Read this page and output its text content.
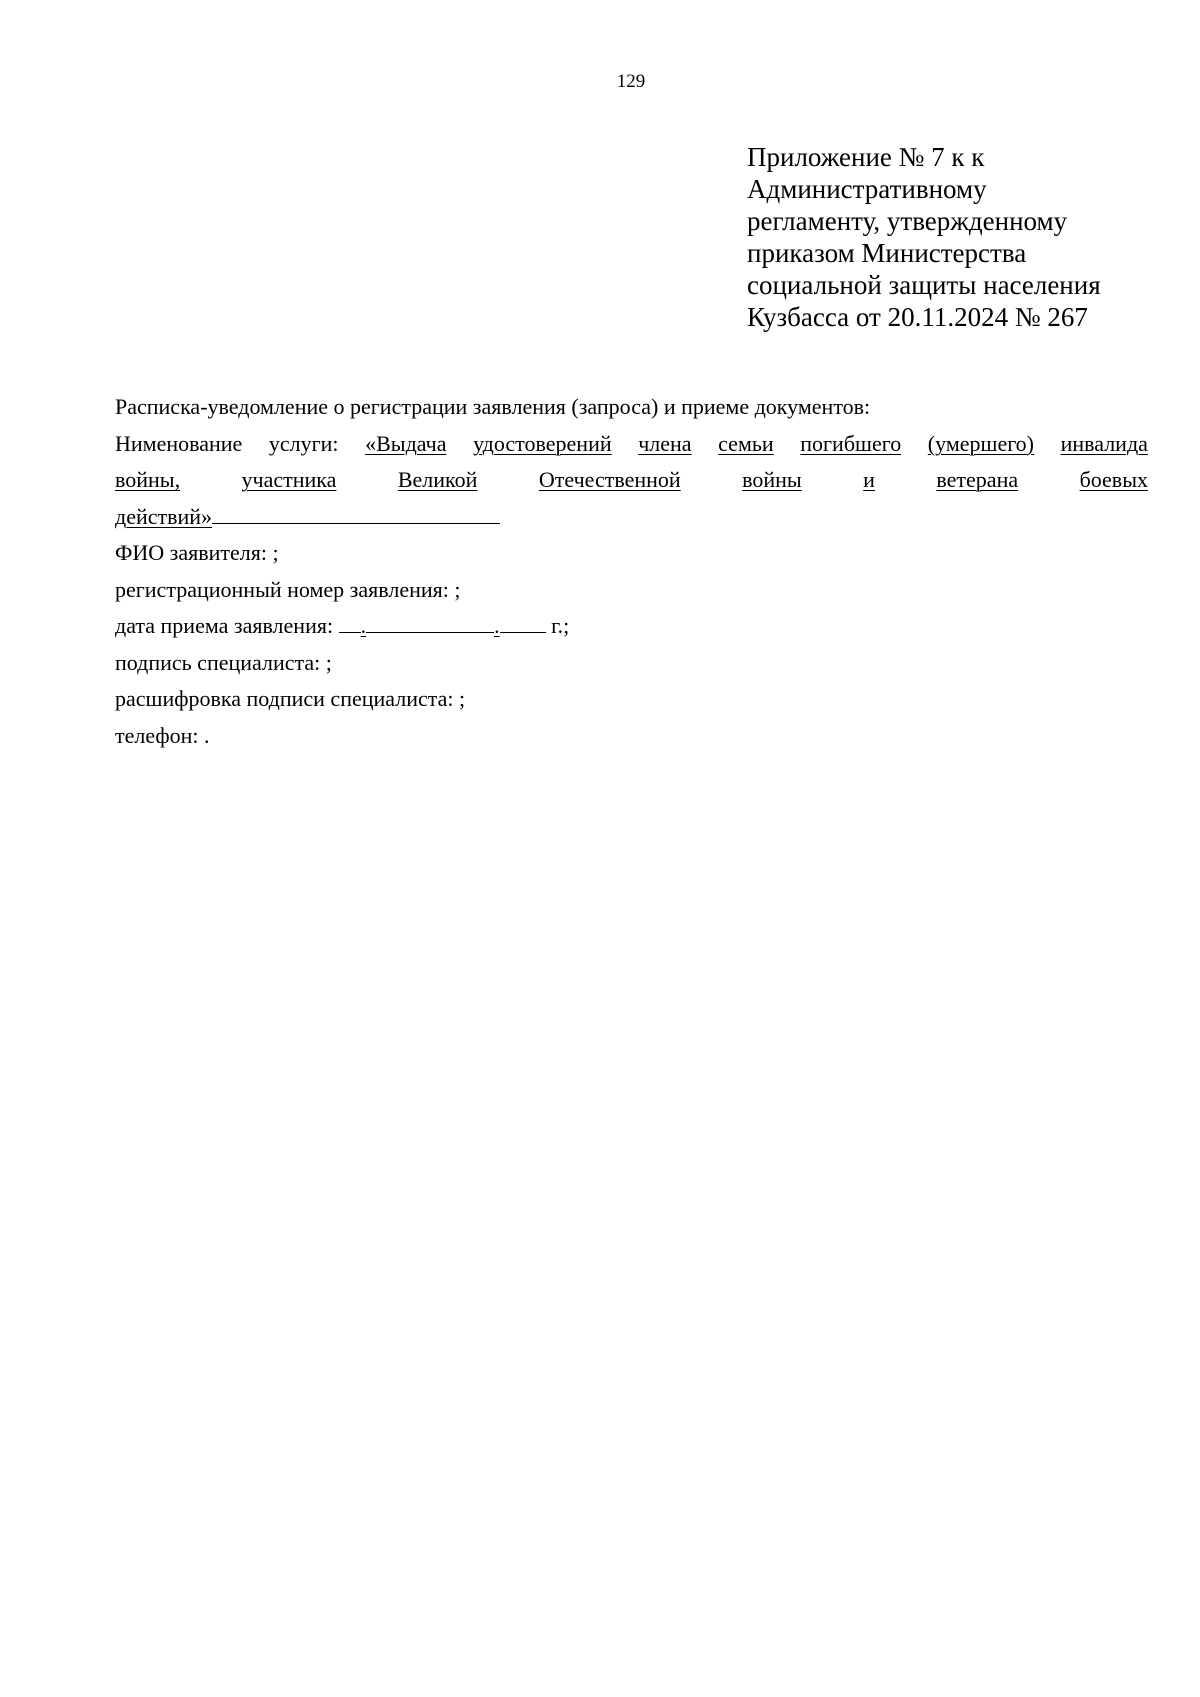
129
Приложение № 7 к к
Административному
регламенту, утвержденному
приказом Министерства
социальной защиты населения
Кузбасса от 20.11.2024 № 267
Расписка-уведомление о регистрации заявления (запроса) и приеме документов:
Нименование услуги: «Выдача удостоверений члена семьи погибшего (умершего) инвалида
войны,	участника	Великой	Отечественной	войны	и	ветерана	боевых
действий»
ФИО заявителя: ;
регистрационный номер заявления: ;
дата приема заявления: .	. г.;
подпись специалиста: ;
расшифровка подписи специалиста: ;
телефон: .
